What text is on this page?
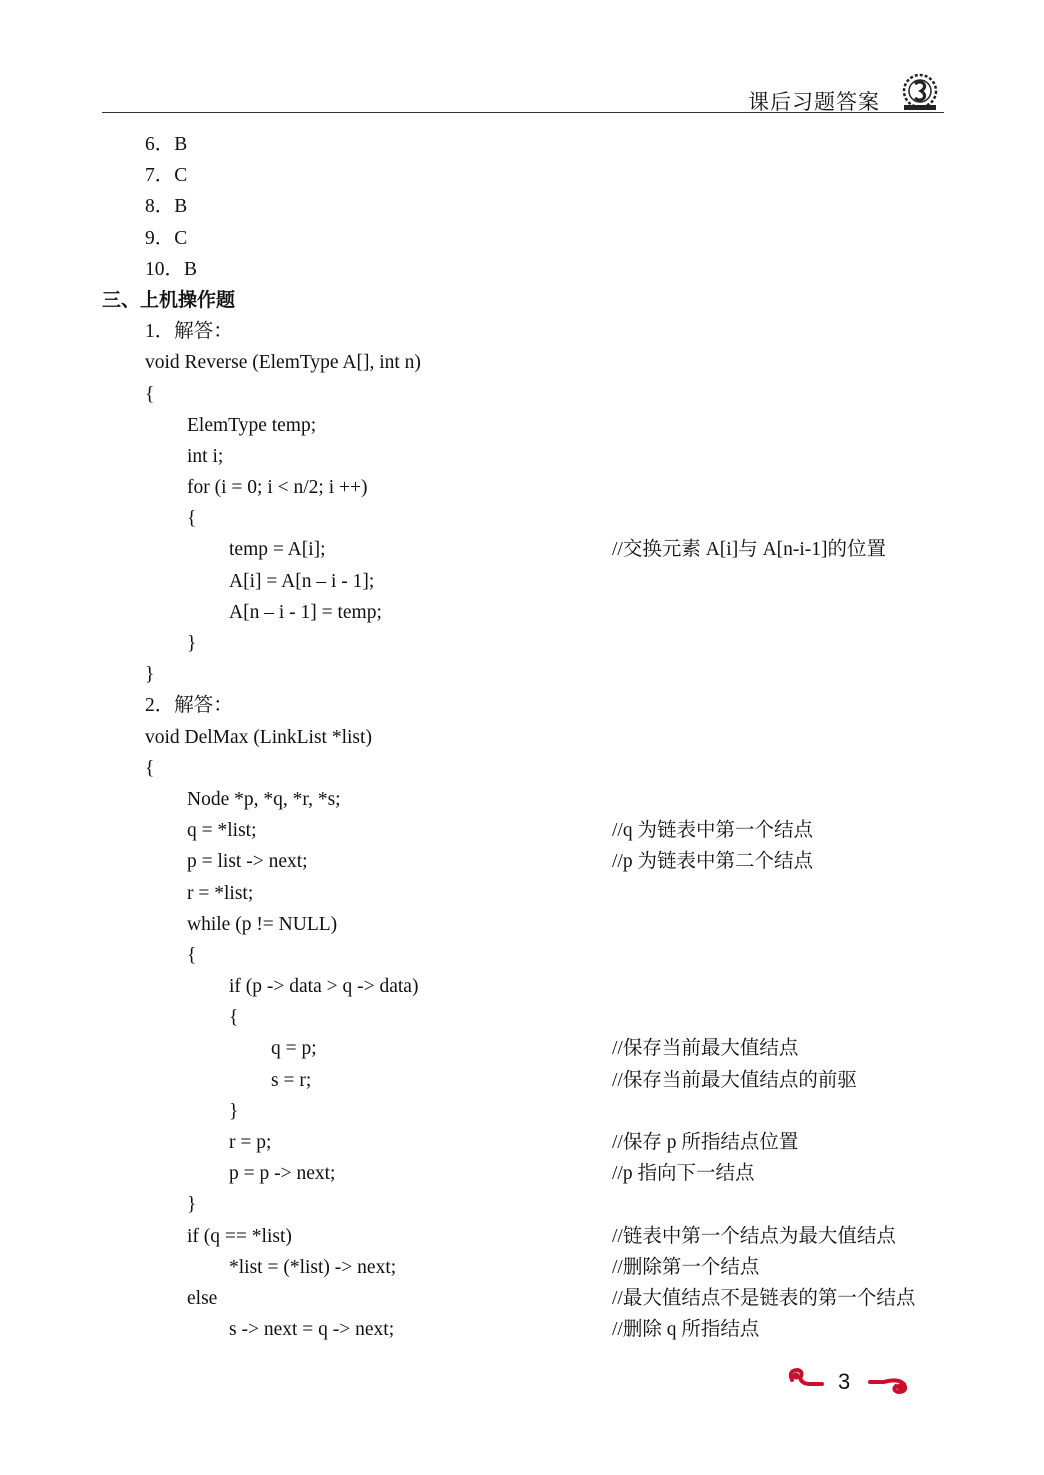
课后习题答案
6．B
7．C
8．B
9．C
10．B
三、上机操作题
1．解答：
void Reverse (ElemType A[], int n)
{
ElemType temp;
int i;
for (i = 0; i < n/2; i ++)
{
temp = A[i];	//交换元素 A[i]与 A[n-i-1]的位置
A[i] = A[n – i - 1];
A[n – i - 1] = temp;
}
}
2．解答：
void DelMax (LinkList *list)
{
Node *p, *q, *r, *s;
q = *list;	//q 为链表中第一个结点
p = list -> next;	//p 为链表中第二个结点
r = *list;
while (p != NULL)
{
if (p -> data > q -> data)
{
q = p;	//保存当前最大值结点
s = r;	//保存当前最大值结点的前驱
}
r = p;	//保存 p 所指结点位置
p = p -> next;	//p 指向下一结点
}
if (q == *list)	//链表中第一个结点为最大值结点
*list = (*list) -> next;	//删除第一个结点
else	//最大值结点不是链表的第一个结点
s -> next = q -> next;	//删除 q 所指结点
3
